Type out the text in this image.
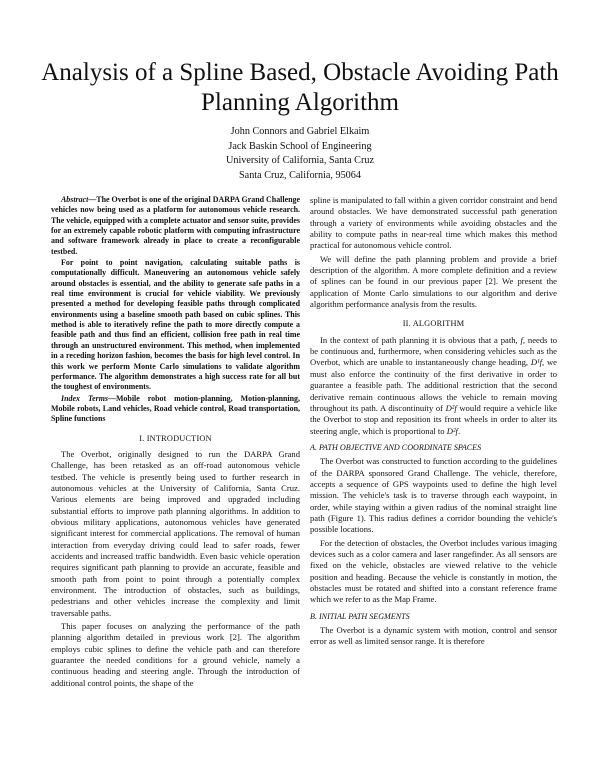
Analysis of a Spline Based, Obstacle Avoiding Path Planning Algorithm
John Connors and Gabriel Elkaim
Jack Baskin School of Engineering
University of California, Santa Cruz
Santa Cruz, California, 95064

Abstract—The Overbot is one of the original DARPA Grand Challenge vehicles now being used as a platform for autonomous vehicle research. The vehicle, equipped with a complete actuator and sensor suite, provides for an extremely capable robotic platform with computing infrastructure and software framework already in place to create a reconfigurable testbed.

For point to point navigation, calculating suitable paths is computationally difficult. Maneuvering an autonomous vehicle safely around obstacles is essential, and the ability to generate safe paths in a real time environment is crucial for vehicle viability. We previously presented a method for developing feasible paths through complicated environments using a baseline smooth path based on cubic splines. This method is able to iteratively refine the path to more directly compute a feasible path and thus find an efficient, collision free path in real time through an unstructured environment. This method, when implemented in a receding horizon fashion, becomes the basis for high level control. In this work we perform Monte Carlo simulations to validate algorithm performance. The algorithm demonstrates a high success rate for all but the toughest of environments.

Index Terms—Mobile robot motion-planning, Motion-planning, Mobile robots, Land vehicles, Road vehicle control, Road transportation, Spline functions

I. INTRODUCTION

The Overbot, originally designed to run the DARPA Grand Challenge, has been retasked as an off-road autonomous vehicle testbed. The vehicle is presently being used to further research in autonomous vehicles at the University of California, Santa Cruz. Various elements are being improved and upgraded including substantial efforts to improve path planning algorithms. In addition to obvious military applications, autonomous vehicles have generated significant interest for commercial applications. The removal of human interaction from everyday driving could lead to safer roads, fewer accidents and increased traffic bandwidth. Even basic vehicle operation requires significant path planning to provide an accurate, feasible and smooth path from point to point through a potentially complex environment. The introduction of obstacles, such as buildings, pedestrians and other vehicles increase the complexity and limit traversable paths.

This paper focuses on analyzing the performance of the path planning algorithm detailed in previous work [2]. The algorithm employs cubic splines to define the vehicle path and can therefore guarantee the needed conditions for a ground vehicle, namely a continuous heading and steering angle. Through the introduction of additional control points, the shape of the

spline is manipulated to fall within a given corridor constraint and bend around obstacles. We have demonstrated successful path generation through a variety of environments while avoiding obstacles and the ability to compute paths in near-real time which makes this method practical for autonomous vehicle control.

We will define the path planning problem and provide a brief description of the algorithm. A more complete definition and a review of splines can be found in our previous paper [2]. We present the application of Monte Carlo simulations to our algorithm and derive algorithm performance analysis from the results.

II. ALGORITHM

In the context of path planning it is obvious that a path, f, needs to be continuous and, furthermore, when considering vehicles such as the Overbot, which are unable to instantaneously change heading, D¹f, we must also enforce the continuity of the first derivative in order to guarantee a feasible path. The additional restriction that the second derivative remain continuous allows the vehicle to remain moving throughout its path. A discontinuity of D²f would require a vehicle like the Overbot to stop and reposition its front wheels in order to alter its steering angle, which is proportional to D²f.

A. PATH OBJECTIVE AND COORDINATE SPACES

The Overbot was constructed to function according to the guidelines of the DARPA sponsored Grand Challenge. The vehicle, therefore, accepts a sequence of GPS waypoints used to define the high level mission. The vehicle's task is to traverse through each waypoint, in order, while staying within a given radius of the nominal straight line path (Figure 1). This radius defines a corridor bounding the vehicle's possible locations.

For the detection of obstacles, the Overbot includes various imaging devices such as a color camera and laser rangefinder. As all sensors are fixed on the vehicle, obstacles are viewed relative to the vehicle position and heading. Because the vehicle is constantly in motion, the obstacles must be rotated and shifted into a constant reference frame which we refer to as the Map Frame.

B. INITIAL PATH SEGMENTS

The Overbot is a dynamic system with motion, control and sensor error as well as limited sensor range. It is therefore
